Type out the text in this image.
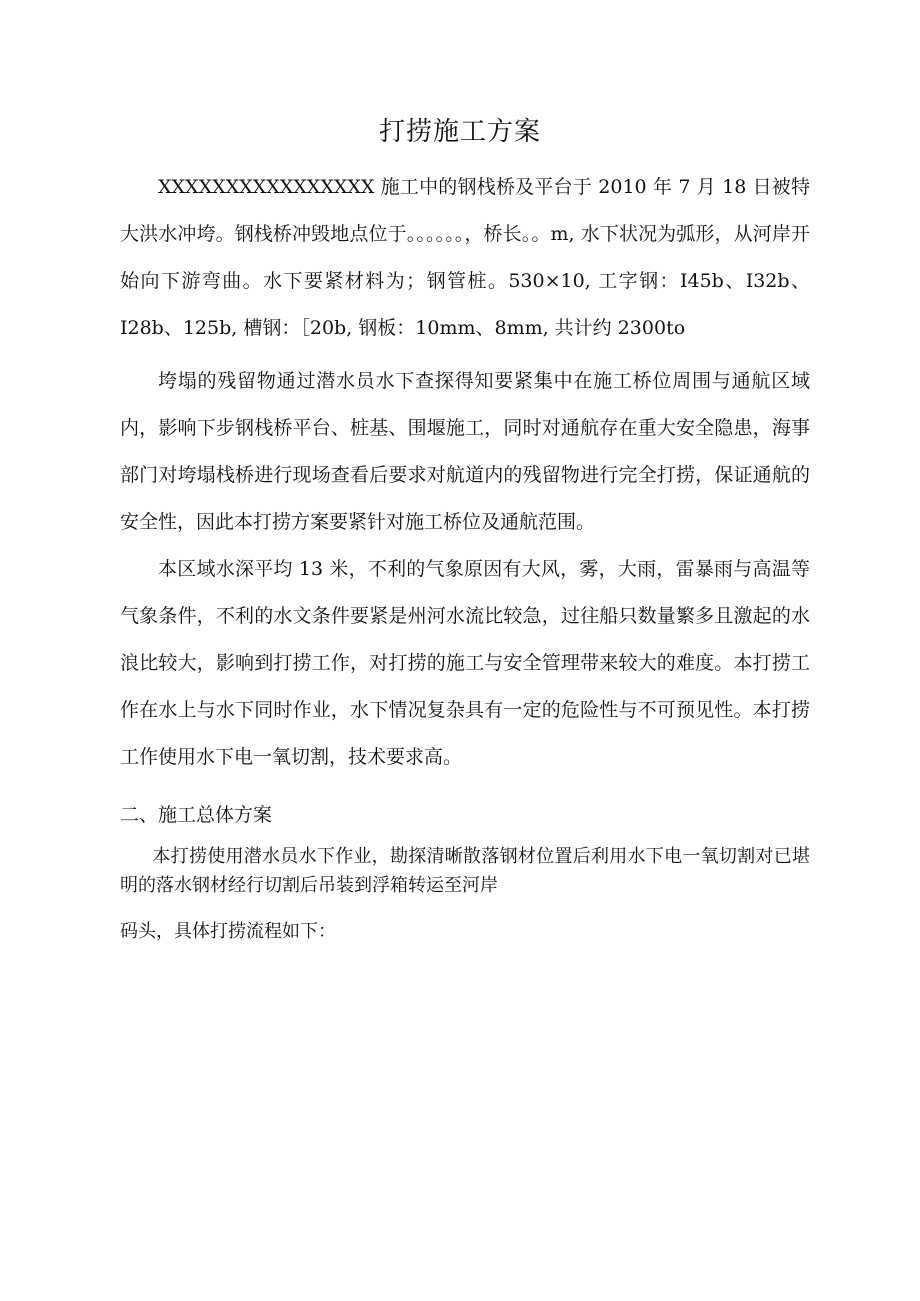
打捞施工方案

XXXXXXXXXXXXXXXX 施工中的钢栈桥及平台于 2010 年 7 月 18 日被特大洪水冲垮。钢栈桥冲毁地点位于。。。。。。，桥长。。m, 水下状况为弧形，从河岸开始向下游弯曲。水下要紧材料为；钢管桩。530×10, 工字钢：I45b、I32b、I28b、125b, 槽钢：［20b, 钢板：10mm、8mm, 共计约 2300to

垮塌的残留物通过潜水员水下查探得知要紧集中在施工桥位周围与通航区域内，影响下步钢栈桥平台、桩基、围堰施工，同时对通航存在重大安全隐患，海事部门对垮塌栈桥进行现场查看后要求对航道内的残留物进行完全打捞，保证通航的安全性，因此本打捞方案要紧针对施工桥位及通航范围。

本区域水深平均 13 米，不利的气象原因有大风，雾，大雨，雷暴雨与高温等气象条件，不利的水文条件要紧是州河水流比较急，过往船只数量繁多且激起的水浪比较大，影响到打捞工作，对打捞的施工与安全管理带来较大的难度。本打捞工作在水上与水下同时作业，水下情况复杂具有一定的危险性与不可预见性。本打捞工作使用水下电一氧切割，技术要求高。

二、施工总体方案

本打捞使用潜水员水下作业，勘探清晰散落钢材位置后利用水下电一氧切割对已堪明的落水钢材经行切割后吊装到浮箱转运至河岸

码头，具体打捞流程如下：
